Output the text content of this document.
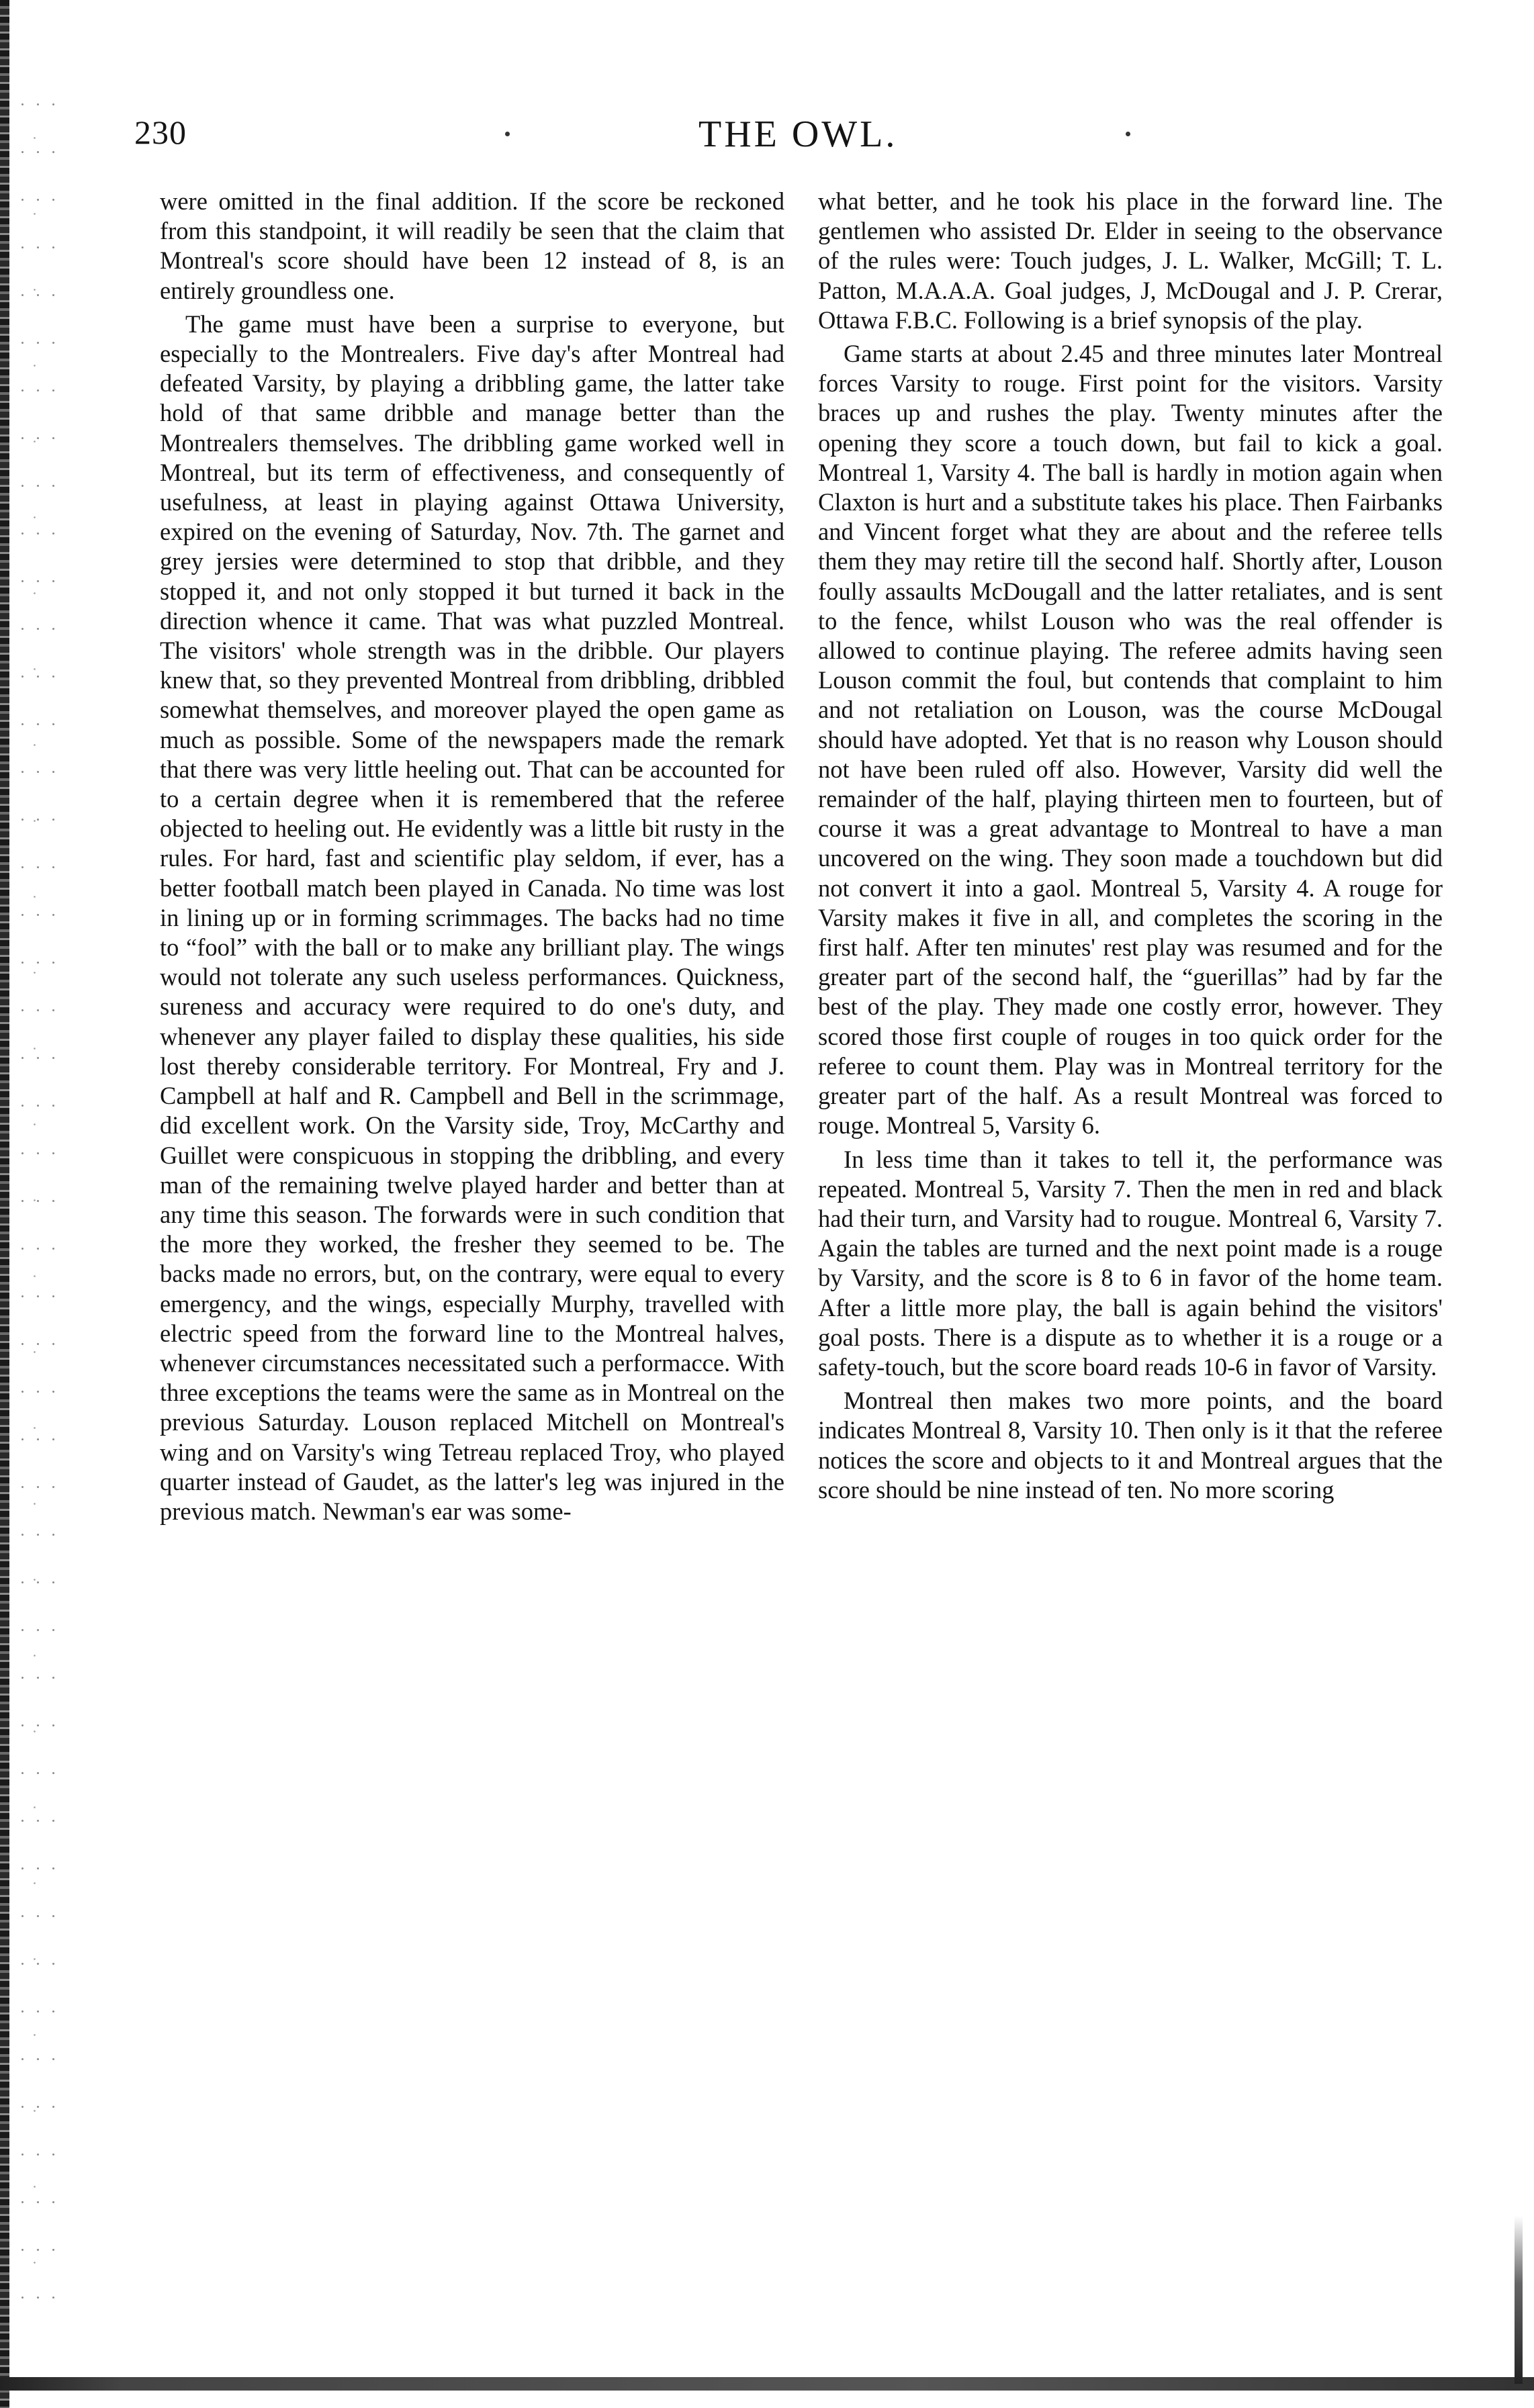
230	THE OWL.

were omitted in the final addition. If the score be reckoned from this standpoint, it will readily be seen that the claim that Montreal's score should have been 12 instead of 8, is an entirely groundless one.

The game must have been a surprise to everyone, but especially to the Montrealers. Five day's after Montreal had defeated Varsity, by playing a dribbling game, the latter take hold of that same dribble and manage better than the Montrealers themselves. The dribbling game worked well in Montreal, but its term of effectiveness, and consequently of usefulness, at least in playing against Ottawa University, expired on the evening of Saturday, Nov. 7th. The garnet and grey jersies were determined to stop that dribble, and they stopped it, and not only stopped it but turned it back in the direction whence it came. That was what puzzled Montreal. The visitors' whole strength was in the dribble. Our players knew that, so they prevented Montreal from dribbling, dribbled somewhat themselves, and moreover played the open game as much as possible. Some of the newspapers made the remark that there was very little heeling out. That can be accounted for to a certain degree when it is remembered that the referee objected to heeling out. He evidently was a little bit rusty in the rules. For hard, fast and scientific play seldom, if ever, has a better football match been played in Canada. No time was lost in lining up or in forming scrimmages. The backs had no time to “fool” with the ball or to make any brilliant play. The wings would not tolerate any such useless performances. Quickness, sureness and accuracy were required to do one's duty, and whenever any player failed to display these qualities, his side lost thereby considerable territory. For Montreal, Fry and J. Campbell at half and R. Campbell and Bell in the scrimmage, did excellent work. On the Varsity side, Troy, McCarthy and Guillet were conspicuous in stopping the dribbling, and every man of the remaining twelve played harder and better than at any time this season. The forwards were in such condition that the more they worked, the fresher they seemed to be. The backs made no errors, but, on the contrary, were equal to every emergency, and the wings, especially Murphy, travelled with electric speed from the forward line to the Montreal halves, whenever circumstances necessitated such a performacce. With three exceptions the teams were the same as in Montreal on the previous Saturday. Louson replaced Mitchell on Montreal's wing and on Varsity's wing Tetreau replaced Troy, who played quarter instead of Gaudet, as the latter's leg was injured in the previous match. Newman's ear was some-

what better, and he took his place in the forward line. The gentlemen who assisted Dr. Elder in seeing to the observance of the rules were: Touch judges, J. L. Walker, McGill; T. L. Patton, M.A.A.A. Goal judges, J, McDougal and J. P. Crerar, Ottawa F.B.C. Following is a brief synopsis of the play.

Game starts at about 2.45 and three minutes later Montreal forces Varsity to rouge. First point for the visitors. Varsity braces up and rushes the play. Twenty minutes after the opening they score a touch down, but fail to kick a goal. Montreal 1, Varsity 4. The ball is hardly in motion again when Claxton is hurt and a substitute takes his place. Then Fairbanks and Vincent forget what they are about and the referee tells them they may retire till the second half. Shortly after, Louson foully assaults McDougall and the latter retaliates, and is sent to the fence, whilst Louson who was the real offender is allowed to continue playing. The referee admits having seen Louson commit the foul, but contends that complaint to him and not retaliation on Louson, was the course McDougal should have adopted. Yet that is no reason why Louson should not have been ruled off also. However, Varsity did well the remainder of the half, playing thirteen men to fourteen, but of course it was a great advantage to Montreal to have a man uncovered on the wing. They soon made a touchdown but did not convert it into a gaol. Montreal 5, Varsity 4. A rouge for Varsity makes it five in all, and completes the scoring in the first half. After ten minutes' rest play was resumed and for the greater part of the second half, the “guerillas” had by far the best of the play. They made one costly error, however. They scored those first couple of rouges in too quick order for the referee to count them. Play was in Montreal territory for the greater part of the half. As a result Montreal was forced to rouge. Montreal 5, Varsity 6.

In less time than it takes to tell it, the performance was repeated. Montreal 5, Varsity 7. Then the men in red and black had their turn, and Varsity had to rougue. Montreal 6, Varsity 7. Again the tables are turned and the next point made is a rouge by Varsity, and the score is 8 to 6 in favor of the home team. After a little more play, the ball is again behind the visitors' goal posts. There is a dispute as to whether it is a rouge or a safety-touch, but the score board reads 10-6 in favor of Varsity.

Montreal then makes two more points, and the board indicates Montreal 8, Varsity 10. Then only is it that the referee notices the score and objects to it and Montreal argues that the score should be nine instead of ten. No more scoring
